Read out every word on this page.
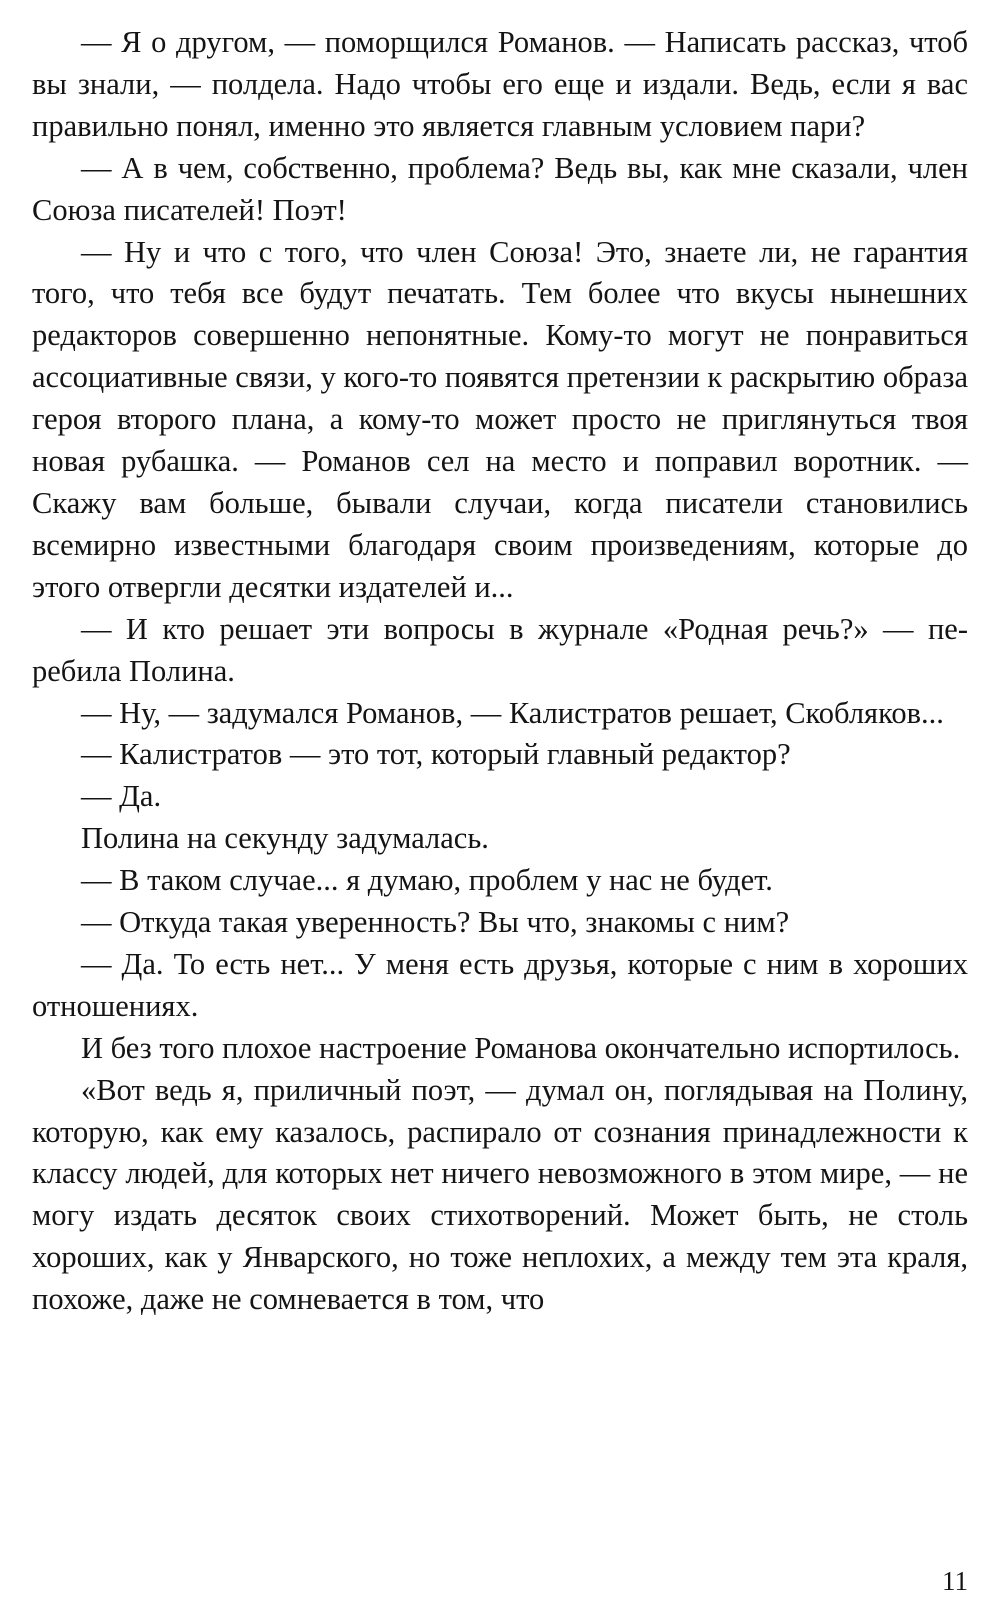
— Я о другом, — поморщился Романов. — Написать рассказ, чтоб вы знали, — полдела. Надо чтобы его еще и издали. Ведь, если я вас правильно понял, именно это является главным условием пари?

— А в чем, собственно, проблема? Ведь вы, как мне сказали, член Союза писателей! Поэт!

— Ну и что с того, что член Союза! Это, знаете ли, не гарантия того, что тебя все будут печатать. Тем более что вкусы нынешних редакторов совершенно непонятные. Кому-то могут не понравиться ассоциативные связи, у кого-то появятся претензии к раскрытию образа героя второго плана, а кому-то может просто не приглянуться твоя новая рубашка. — Романов сел на место и поправил воротник. — Скажу вам больше, бывали случаи, когда писатели становились всемирно известными благодаря своим произведениям, которые до этого отвергли десятки издателей и...

— И кто решает эти вопросы в журнале «Родная речь?» — перебила Полина.

— Ну, — задумался Романов, — Калистратов решает, Скобляков...

— Калистратов — это тот, который главный редактор?

— Да.

Полина на секунду задумалась.

— В таком случае... я думаю, проблем у нас не будет.

— Откуда такая уверенность? Вы что, знакомы с ним?

— Да. То есть нет... У меня есть друзья, которые с ним в хороших отношениях.

И без того плохое настроение Романова окончательно испортилось.

«Вот ведь я, приличный поэт, — думал он, поглядывая на Полину, которую, как ему казалось, распирало от сознания принадлежности к классу людей, для которых нет ничего невозможного в этом мире, — не могу издать десяток своих стихотворений. Может быть, не столь хороших, как у Январского, но тоже неплохих, а между тем эта краля, похоже, даже не сомневается в том, что

11
